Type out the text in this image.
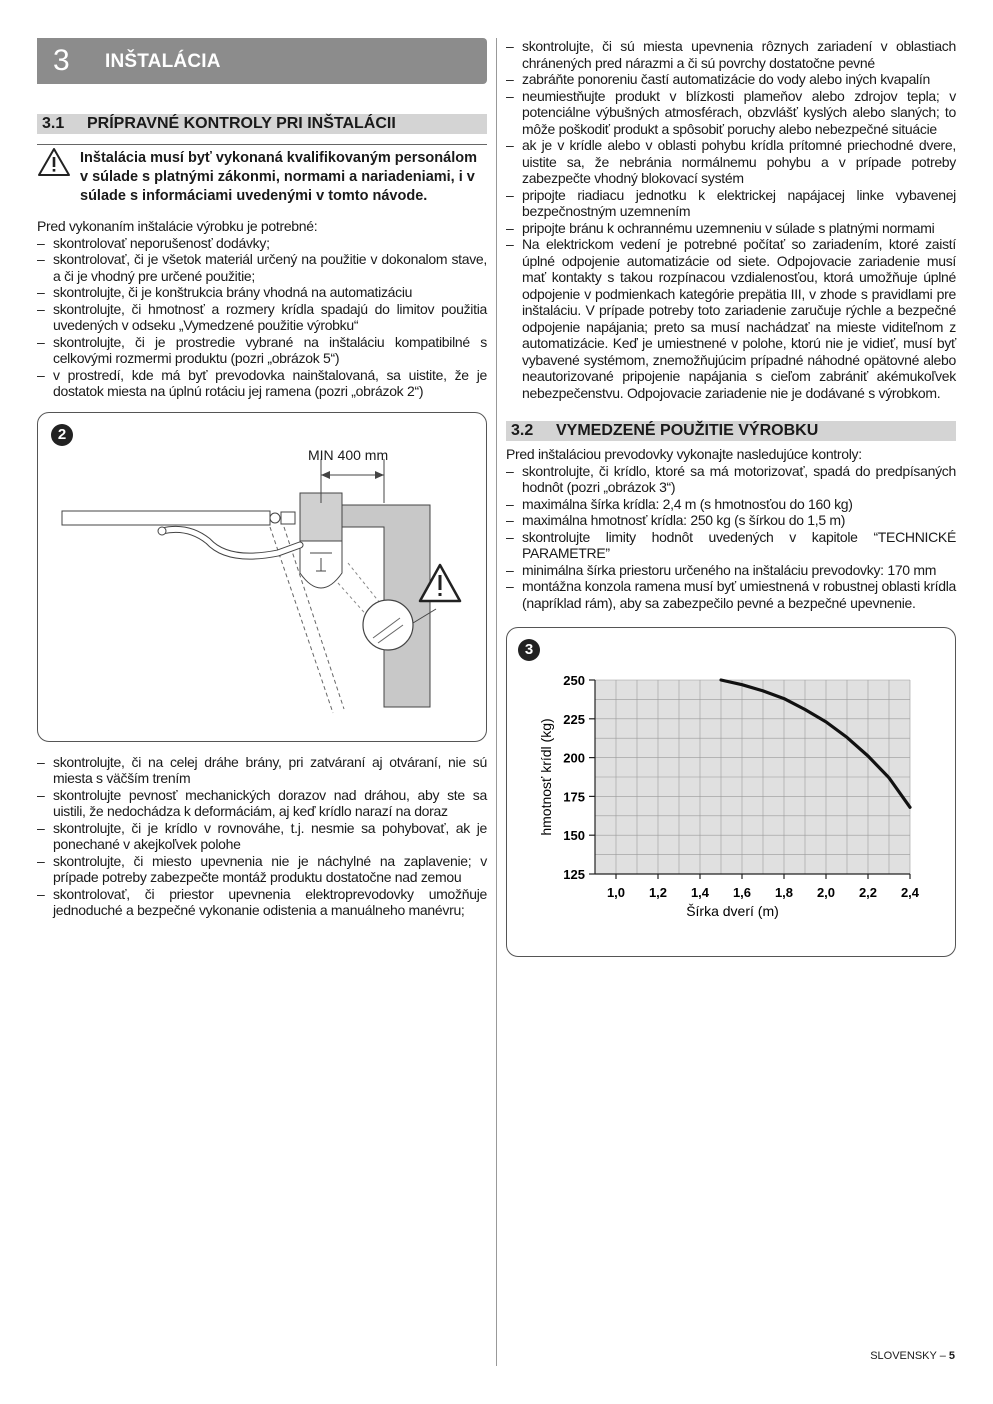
3 INŠTALÁCIA
3.1 PRÍPRAVNÉ KONTROLY PRI INŠTALÁCII
Inštalácia musí byť vykonaná kvalifikovaným personálom v súlade s platnými zákonmi, normami a nariadeniami, i v súlade s informáciami uvedenými v tomto návode.

Pred vykonaním inštalácie výrobku je potrebné:

– skontrolovať neporušenosť dodávky;
– skontrolovať, či je všetok materiál určený na použitie v dokonalom stave, a či je vhodný pre určené použitie;
– skontrolujte, či je konštrukcia brány vhodná na automatizáciu
– skontrolujte, či hmotnosť a rozmery krídla spadajú do limitov použitia uvedených v odseku „Vymedzené použitie výrobku“
– skontrolujte, či je prostredie vybrané na inštaláciu kompatibilné s celkovými rozmermi produktu (pozri „obrázok 5“)
– v prostredí, kde má byť prevodovka nainštalovaná, sa uistite, že je dostatok miesta na úplnú rotáciu jej ramena (pozri „obrázok 2“)
2
MIN 400 mm
– skontrolujte, či na celej dráhe brány, pri zatváraní aj otváraní, nie sú miesta s väčším trením
– skontrolujte pevnosť mechanických dorazov nad dráhou, aby ste sa uistili, že nedochádza k deformáciám, aj keď krídlo narazí na doraz
– skontrolujte, či je krídlo v rovnováhe, t.j. nesmie sa pohybovať, ak je ponechané v akejkoľvek polohe
– skontrolujte, či miesto upevnenia nie je náchylné na zaplavenie; v prípade potreby zabezpečte montáž produktu dostatočne nad zemou
– skontrolovať, či priestor upevnenia elektroprevodovky umožňuje jednoduché a bezpečné vykonanie odistenia a manuálneho manévru;
– skontrolujte, či sú miesta upevnenia rôznych zariadení v oblastiach chránených pred nárazmi a či sú povrchy dostatočne pevné
– zabráňte ponoreniu častí automatizácie do vody alebo iných kvapalín
– neumiestňujte produkt v blízkosti plameňov alebo zdrojov tepla; v potenciálne výbušných atmosférach, obzvlášť kyslých alebo slaných; to môže poškodiť produkt a spôsobiť poruchy alebo nebezpečné situácie
– ak je v krídle alebo v oblasti pohybu krídla prítomné priechodné dvere, uistite sa, že nebránia normálnemu pohybu a v prípade potreby zabezpečte vhodný blokovací systém
– pripojte riadiacu jednotku k elektrickej napájacej linke vybavenej bezpečnostným uzemnením
– pripojte bránu k ochrannému uzemneniu v súlade s platnými normami
– Na elektrickom vedení je potrebné počítať so zariadením, ktoré zaistí úplné odpojenie automatizácie od siete. Odpojovacie zariadenie musí mať kontakty s takou rozpínacou vzdialenosťou, ktorá umožňuje úplné odpojenie v podmienkach kategórie prepätia III, v zhode s pravidlami pre inštaláciu. V prípade potreby toto zariadenie zaručuje rýchle a bezpečné odpojenie napájania; preto sa musí nachádzať na mieste viditeľnom z automatizácie. Keď je umiestnené v polohe, ktorú nie je vidieť, musí byť vybavené systémom, znemožňujúcim prípadné náhodné opätovné alebo neautorizované pripojenie napájania s cieľom zabrániť akémukoľvek nebezpečenstvu. Odpojovacie zariadenie nie je dodávané s výrobkom.
3.2 VYMEDZENÉ POUŽITIE VÝROBKU

Pred inštaláciou prevodovky vykonajte nasledujúce kontroly:

– skontrolujte, či krídlo, ktoré sa má motorizovať, spadá do predpísaných hodnôt (pozri „obrázok 3“)
– maximálna šírka krídla: 2,4 m (s hmotnosťou do 160 kg)
– maximálna hmotnosť krídla: 250 kg (s šírkou do 1,5 m)
– skontrolujte limity hodnôt uvedených v kapitole “TECHNICKÉ PARAMETRE”
– minimálna šírka priestoru určeného na inštaláciu prevodovky: 170 mm
– montážna konzola ramena musí byť umiestnená v robustnej oblasti krídla (napríklad rám), aby sa zabezpečilo pevné a bezpečné upevnenie.
3
125
150
175
200
225
250
1,0 1,2 1,4 1,6 1,8 2,0 2,2 2,4
Šírka dverí (m)
hmotnosť krídl (kg)
SLOVENSKY – 5
